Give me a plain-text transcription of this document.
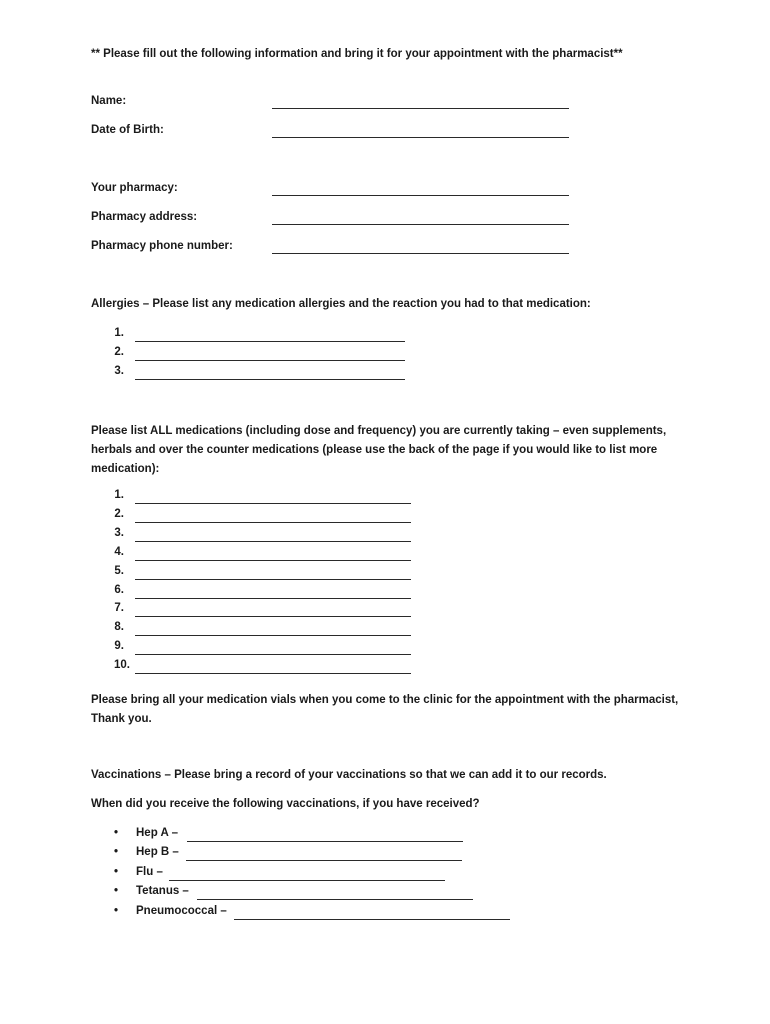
** Please fill out the following information and bring it for your appointment with the pharmacist**
Name:
Date of Birth:
Your pharmacy:
Pharmacy address:
Pharmacy phone number:
Allergies – Please list any medication allergies and the reaction you had to that medication:
1.
2.
3.
Please list ALL medications (including dose and frequency) you are currently taking – even supplements, herbals and over the counter medications (please use the back of the page if you would like to list more medication):
1.
2.
3.
4.
5.
6.
7.
8.
9.
10.
Please bring all your medication vials when you come to the clinic for the appointment with the pharmacist, Thank you.
Vaccinations – Please bring a record of your vaccinations so that we can add it to our records.
When did you receive the following vaccinations, if you have received?
• Hep A –
• Hep B –
• Flu –
• Tetanus –
• Pneumococcal –
